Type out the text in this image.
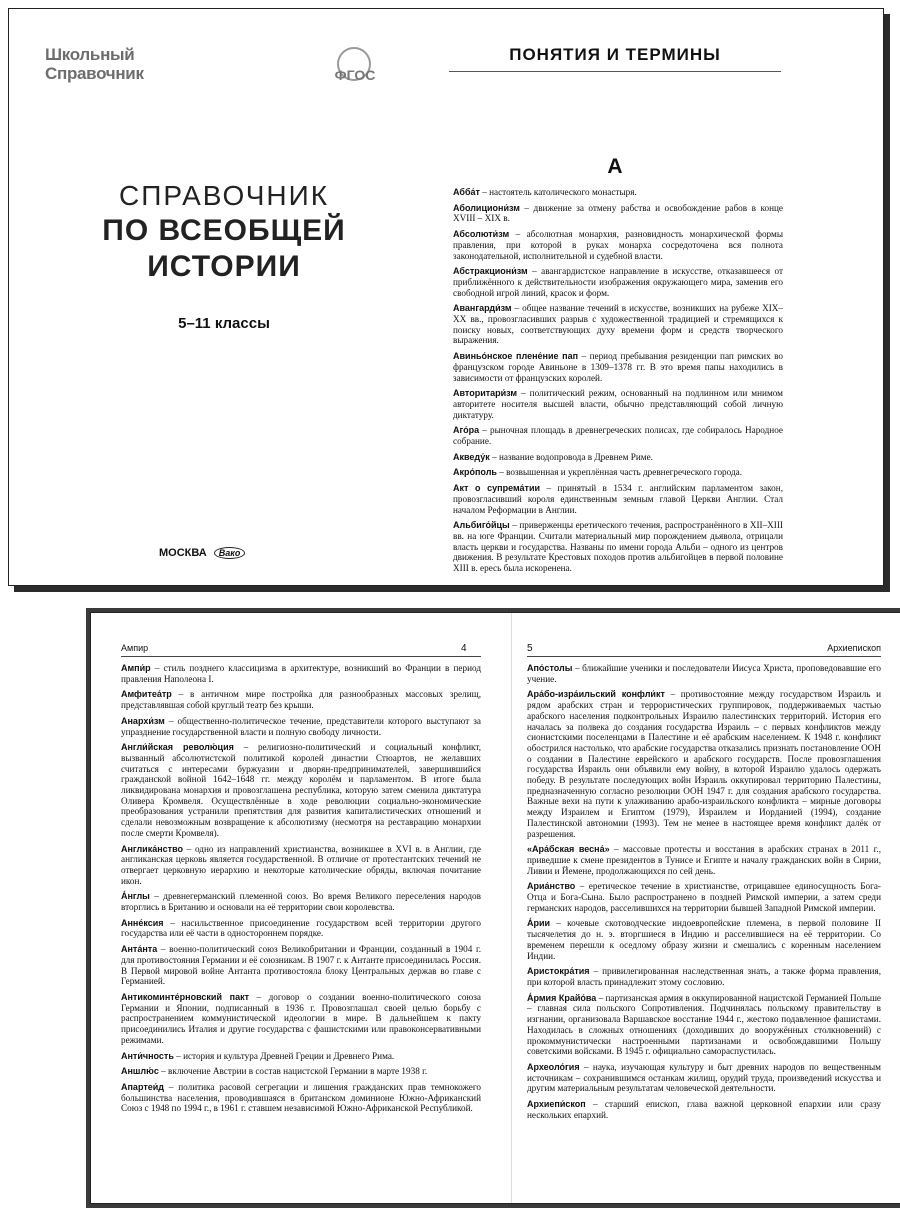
Школьный
Справочник	ФГОС
СПРАВОЧНИК
ПО ВСЕОБЩЕЙ
ИСТОРИИ
5–11 классы
МОСКВА Вако
ПОНЯТИЯ И ТЕРМИНЫ
А

Абба́т – настоятель католического монастыря.

Аболициони́зм – движение за отмену рабства и освобождение рабов в конце XVIII – XIX в.

Абсолюти́зм – абсолютная монархия, разновидность монархической формы правления, при которой в руках монарха сосредоточена вся полнота законодательной, исполнительной и судебной власти.

Абстракциони́зм – авангардистское направление в искусстве, отказавшееся от приближённого к действительности изображения окружающего мира, заменив его свободной игрой линий, красок и форм.

Авангарди́зм – общее название течений в искусстве, возникших на рубеже XIX–XX вв., провозгласивших разрыв с художественной традицией и стремящихся к поиску новых, соответствующих духу времени форм и средств творческого выражения.

Авиньо́нское плене́ние пап – период пребывания резиденции пап римских во французском городе Авиньоне в 1309–1378 гг. В это время папы находились в зависимости от французских королей.

Авторитари́зм – политический режим, основанный на подлинном или мнимом авторитете носителя высшей власти, обычно представляющий собой личную диктатуру.

Аго́ра – рыночная площадь в древнегреческих полисах, где собиралось Народное собрание.

Акведу́к – название водопровода в Древнем Риме.

Акро́поль – возвышенная и укреплённая часть древнегреческого города.

Акт о супрема́тии – принятый в 1534 г. английским парламентом закон, провозгласивший короля единственным земным главой Церкви Англии. Стал началом Реформации в Англии.

Альбиго́йцы – приверженцы еретического течения, распространённого в XII–XIII вв. на юге Франции. Считали материальный мир порождением дьявола, отрицали власть церкви и государства. Названы по имени города Альби – одного из центров движения. В результате Крестовых походов против альбигойцев в первой половине XIII в. ересь была искоренена.

Ампир	4	5	Архиепископ

Ампи́р – стиль позднего классицизма в архитектуре, возникший во Франции в период правления Наполеона I.

Амфитеа́тр – в античном мире постройка для разнообразных массовых зрелищ, представлявшая собой круглый театр без крыши.

Анархи́зм – общественно-политическое течение, представители которого выступают за упразднение государственной власти и полную свободу личности.

Англи́йская револю́ция – религиозно-политический и социальный конфликт, вызванный абсолютистской политикой королей династии Стюартов, не желавших считаться с интересами буржуазии и дворян-предпринимателей, завершившийся гражданской войной 1642–1648 гг. между королём и парламентом. В итоге была ликвидирована монархия и провозглашена республика, которую затем сменила диктатура Оливера Кромвеля. Осуществлённые в ходе революции социально-экономические преобразования устранили препятствия для развития капиталистических отношений и сделали невозможным возвращение к абсолютизму (несмотря на реставрацию монархии после смерти Кромвеля).

Англика́нство – одно из направлений христианства, возникшее в XVI в. в Англии, где англиканская церковь является государственной. В отличие от протестантских течений не отвергает церковную иерархию и некоторые католические обряды, включая почитание икон.

А́нглы – древнегерманский племенной союз. Во время Великого переселения народов вторглись в Британию и основали на её территории свои королевства.

Анне́ксия – насильственное присоединение государством всей территории другого государства или её части в одностороннем порядке.

Анта́нта – военно-политический союз Великобритании и Франции, созданный в 1904 г. для противостояния Германии и её союзникам. В 1907 г. к Антанте присоединилась Россия. В Первой мировой войне Антанта противостояла блоку Центральных держав во главе с Германией.

Антикоминте́рновский пакт – договор о создании военно-политического союза Германии и Японии, подписанный в 1936 г. Провозглашал своей целью борьбу с распространением коммунистической идеологии в мире. В дальнейшем к пакту присоединились Италия и другие государства с фашистскими или правоконсервативными режимами.

Анти́чность – история и культура Древней Греции и Древнего Рима.

Аншлю́с – включение Австрии в состав нацистской Германии в марте 1938 г.

Апартеи́д – политика расовой сегрегации и лишения гражданских прав темнокожего большинства населения, проводившаяся в британском доминионе Южно-Африканский Союз с 1948 по 1994 г., в 1961 г. ставшем независимой Южно-Африканской Республикой.

Апо́столы – ближайшие ученики и последователи Иисуса Христа, проповедовавшие его учение.

Ара́бо-изра́ильский конфли́кт – противостояние между государством Израиль и рядом арабских стран и террористических группировок, поддерживаемых частью арабского населения подконтрольных Израилю палестинских территорий. История его началась за полвека до создания государства Израиль – с первых конфликтов между сионистскими поселенцами в Палестине и её арабским населением. К 1948 г. конфликт обострился настолько, что арабские государства отказались признать постановление ООН о создании в Палестине еврейского и арабского государств. После провозглашения государства Израиль они объявили ему войну, в которой Израилю удалось одержать победу. В результате последующих войн Израиль оккупировал территорию Палестины, предназначенную согласно резолюции ООН 1947 г. для создания арабского государства. Важные вехи на пути к улаживанию арабо-израильского конфликта – мирные договоры между Израилем и Египтом (1979), Израилем и Иорданией (1994), создание Палестинской автономии (1993). Тем не менее в настоящее время конфликт далёк от разрешения.

«Ара́бская весна́» – массовые протесты и восстания в арабских странах в 2011 г., приведшие к смене президентов в Тунисе и Египте и началу гражданских войн в Сирии, Ливии и Йемене, продолжающихся по сей день.

Ариа́нство – еретическое течение в христианстве, отрицавшее единосущность Бога-Отца и Бога-Сына. Было распространено в поздней Римской империи, а затем среди германских народов, расселившихся на территории бывшей Западной Римской империи.

А́рии – кочевые скотоводческие индоевропейские племена, в первой половине II тысячелетия до н. э. вторгшиеся в Индию и расселившиеся на её территории. Со временем перешли к оседлому образу жизни и смешались с коренным населением Индии.

Аристокра́тия – привилегированная наследственная знать, а также форма правления, при которой власть принадлежит этому сословию.

А́рмия Крайо́ва – партизанская армия в оккупированной нацистской Германией Польше – главная сила польского Сопротивления. Подчинялась польскому правительству в изгнании, организовала Варшавское восстание 1944 г., жестоко подавленное фашистами. Находилась в сложных отношениях (доходивших до вооружённых столкновений) с прокоммунистически настроенными партизанами и освобождавшими Польшу советскими войсками. В 1945 г. официально самораспустилась.

Археоло́гия – наука, изучающая культуру и быт древних народов по вещественным источникам – сохранившимся останкам жилищ, орудий труда, произведений искусства и другим материальным результатам человеческой деятельности.

Архиепи́скоп – старший епископ, глава важной церковной епархии или сразу нескольких епархий.
